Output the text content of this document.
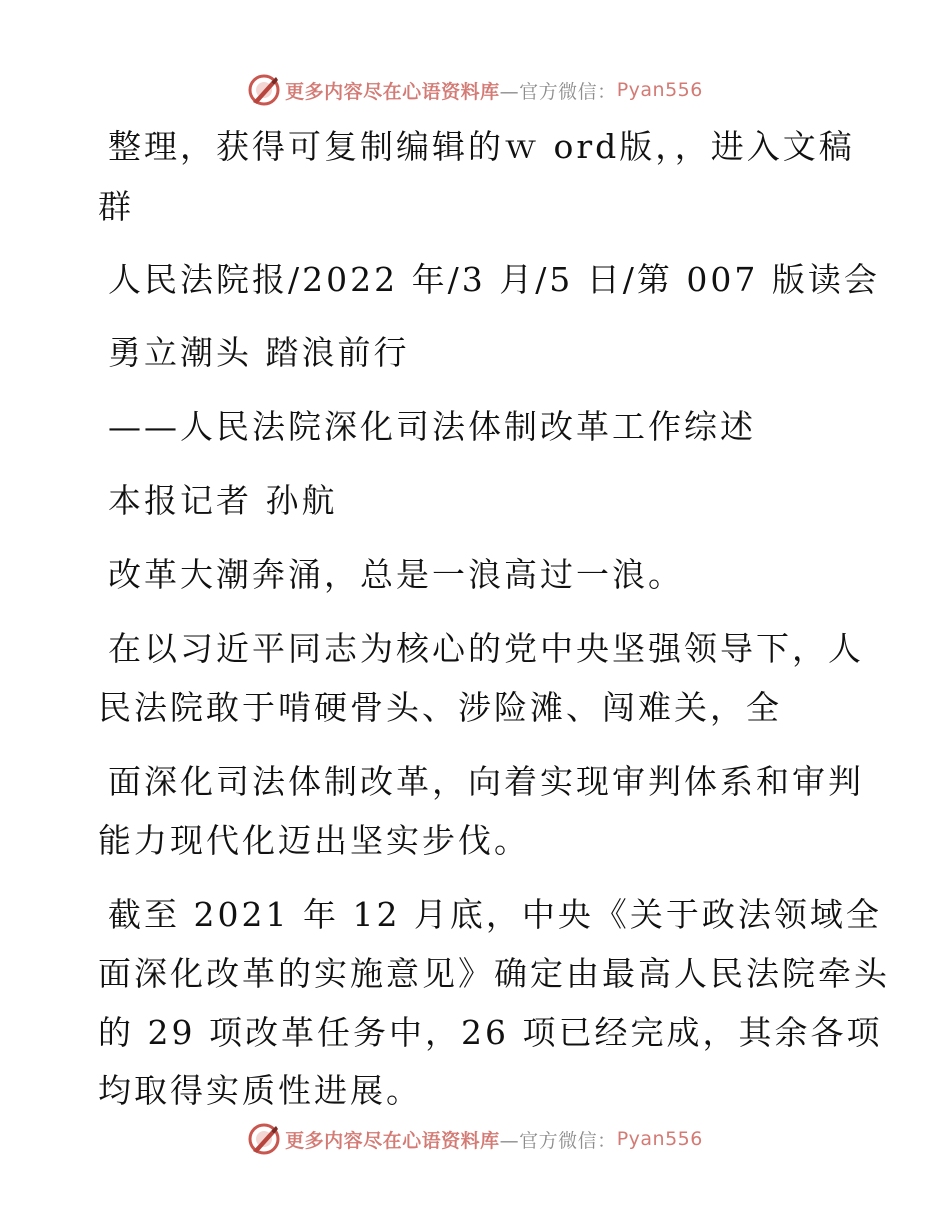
更多内容尽在心语资料库 —官方微信： Pyan556
整理，获得可复制编辑的ｗ ord版，，进入文稿
群
人民法院报/2022 年/3 月/5 日/第 007 版读会
勇立潮头 踏浪前行
——人民法院深化司法体制改革工作综述
本报记者 孙航
改革大潮奔涌，总是一浪高过一浪。
在以习近平同志为核心的党中央坚强领导下，人
民法院敢于啃硬骨头、涉险滩、闯难关，全
面深化司法体制改革，向着实现审判体系和审判
能力现代化迈出坚实步伐。
截至 2021 年 12 月底，中央《关于政法领域全
面深化改革的实施意见》确定由最高人民法院牵头
的 29 项改革任务中，26 项已经完成，其余各项
均取得实质性进展。
更多内容尽在心语资料库 —官方微信： Pyan556
